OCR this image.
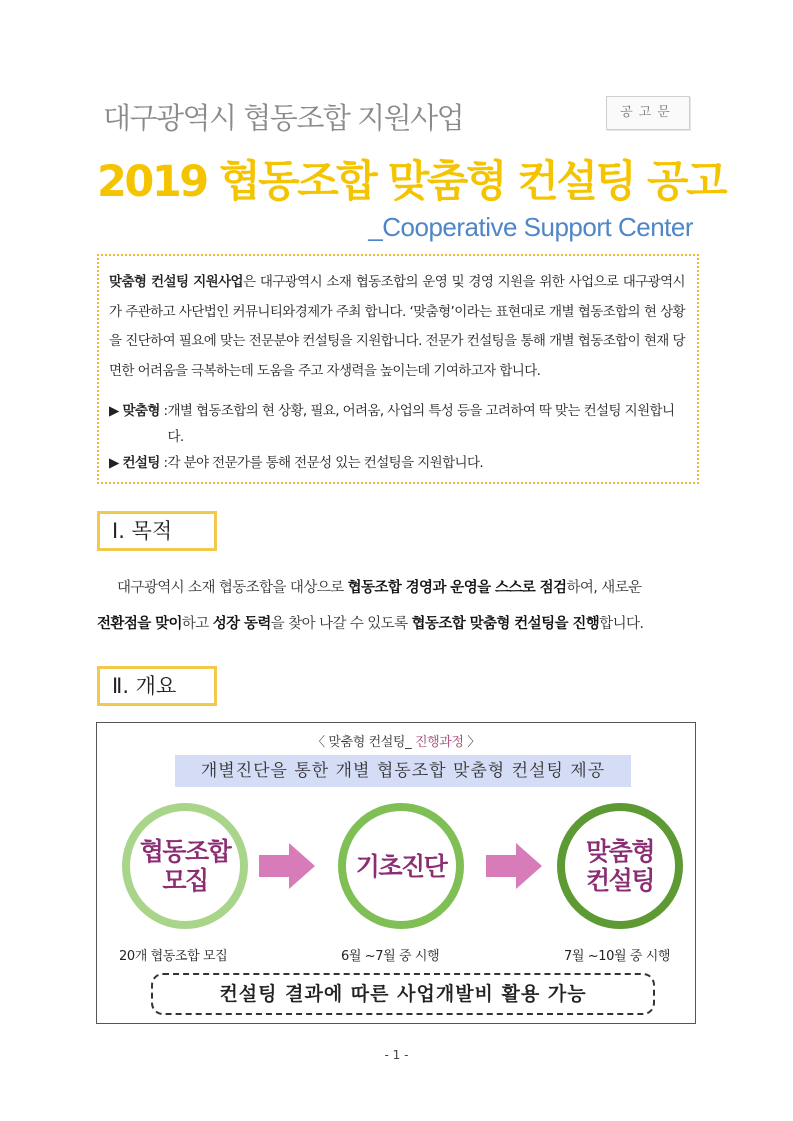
대구광역시 협동조합 지원사업	공고문
2019 협동조합 맞춤형 컨설팅 공고
_Cooperative Support Center

맞춤형 컨설팅 지원사업은 대구광역시 소재 협동조합의 운영 및 경영 지원을 위한 사업으로 대구광역시가 주관하고 사단법인 커뮤니티와경제가 주최 합니다. ‘맞춤형’이라는 표현대로 개별 협동조합의 현 상황을 진단하여 필요에 맞는 전문분야 컨설팅을 지원합니다. 전문가 컨설팅을 통해 개별 협동조합이 현재 당면한 어려움을 극복하는데 도움을 주고 자생력을 높이는데 기여하고자 합니다.

▶ 맞춤형 : 개별 협동조합의 현 상황, 필요, 어려움, 사업의 특성 등을 고려하여 딱 맞는 컨설팅 지원합니다.
▶ 컨설팅 : 각 분야 전문가를 통해 전문성 있는 컨설팅을 지원합니다.
Ⅰ. 목적
대구광역시 소재 협동조합을 대상으로 협동조합 경영과 운영을 스스로 점검하여, 새로운
전환점을 맞이하고 성장 동력을 찾아 나갈 수 있도록 협동조합 맞춤형 컨설팅을 진행합니다.
Ⅱ. 개요
〈 맞춤형 컨설팅_ 진행과정 〉
개별진단을 통한 개별 협동조합 맞춤형 컨설팅 제공
협동조합
모집	기초진단	맞춤형
컨설팅
20개 협동조합 모집	6월 ~7월 중 시행	7월 ~10월 중 시행
컨설팅 결과에 따른 사업개발비 활용 가능
- 1 -
